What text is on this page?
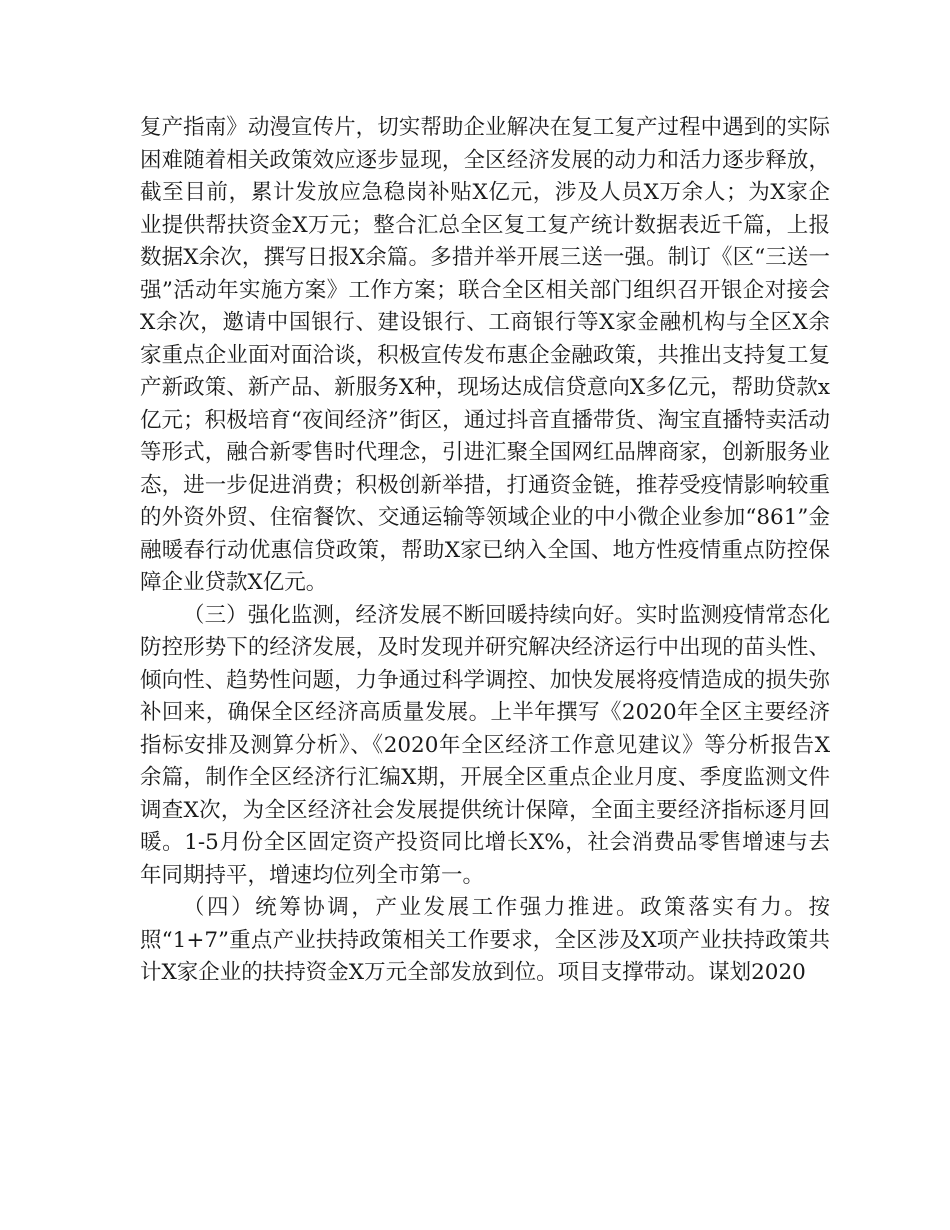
复产指南》动漫宣传片，切实帮助企业解决在复工复产过程中遇到的实际困难随着相关政策效应逐步显现，全区经济发展的动力和活力逐步释放，截至目前，累计发放应急稳岗补贴X亿元，涉及人员X万余人；为X家企业提供帮扶资金X万元；整合汇总全区复工复产统计数据表近千篇，上报数据X余次，撰写日报X余篇。多措并举开展三送一强。制订《区“三送一强”活动年实施方案》工作方案；联合全区相关部门组织召开银企对接会X余次，邀请中国银行、建设银行、工商银行等X家金融机构与全区X余家重点企业面对面洽谈，积极宣传发布惠企金融政策，共推出支持复工复产新政策、新产品、新服务X种，现场达成信贷意向X多亿元，帮助贷款x亿元；积极培育“夜间经济”街区，通过抖音直播带货、淘宝直播特卖活动等形式，融合新零售时代理念，引进汇聚全国网红品牌商家，创新服务业态，进一步促进消费；积极创新举措，打通资金链，推荐受疫情影响较重的外资外贸、住宿餐饮、交通运输等领域企业的中小微企业参加“861”金融暖春行动优惠信贷政策，帮助X家已纳入全国、地方性疫情重点防控保障企业贷款X亿元。

（三）强化监测，经济发展不断回暖持续向好。实时监测疫情常态化防控形势下的经济发展，及时发现并研究解决经济运行中出现的苗头性、倾向性、趋势性问题，力争通过科学调控、加快发展将疫情造成的损失弥补回来，确保全区经济高质量发展。上半年撰写《2020年全区主要经济指标安排及测算分析》、《2020年全区经济工作意见建议》等分析报告X余篇，制作全区经济行汇编X期，开展全区重点企业月度、季度监测文件调查X次，为全区经济社会发展提供统计保障，全面主要经济指标逐月回暖。1-5月份全区固定资产投资同比增长X%，社会消费品零售增速与去年同期持平，增速均位列全市第一。

（四）统筹协调，产业发展工作强力推进。政策落实有力。按照“1+7”重点产业扶持政策相关工作要求，全区涉及X项产业扶持政策共计X家企业的扶持资金X万元全部发放到位。项目支撑带动。谋划2020
